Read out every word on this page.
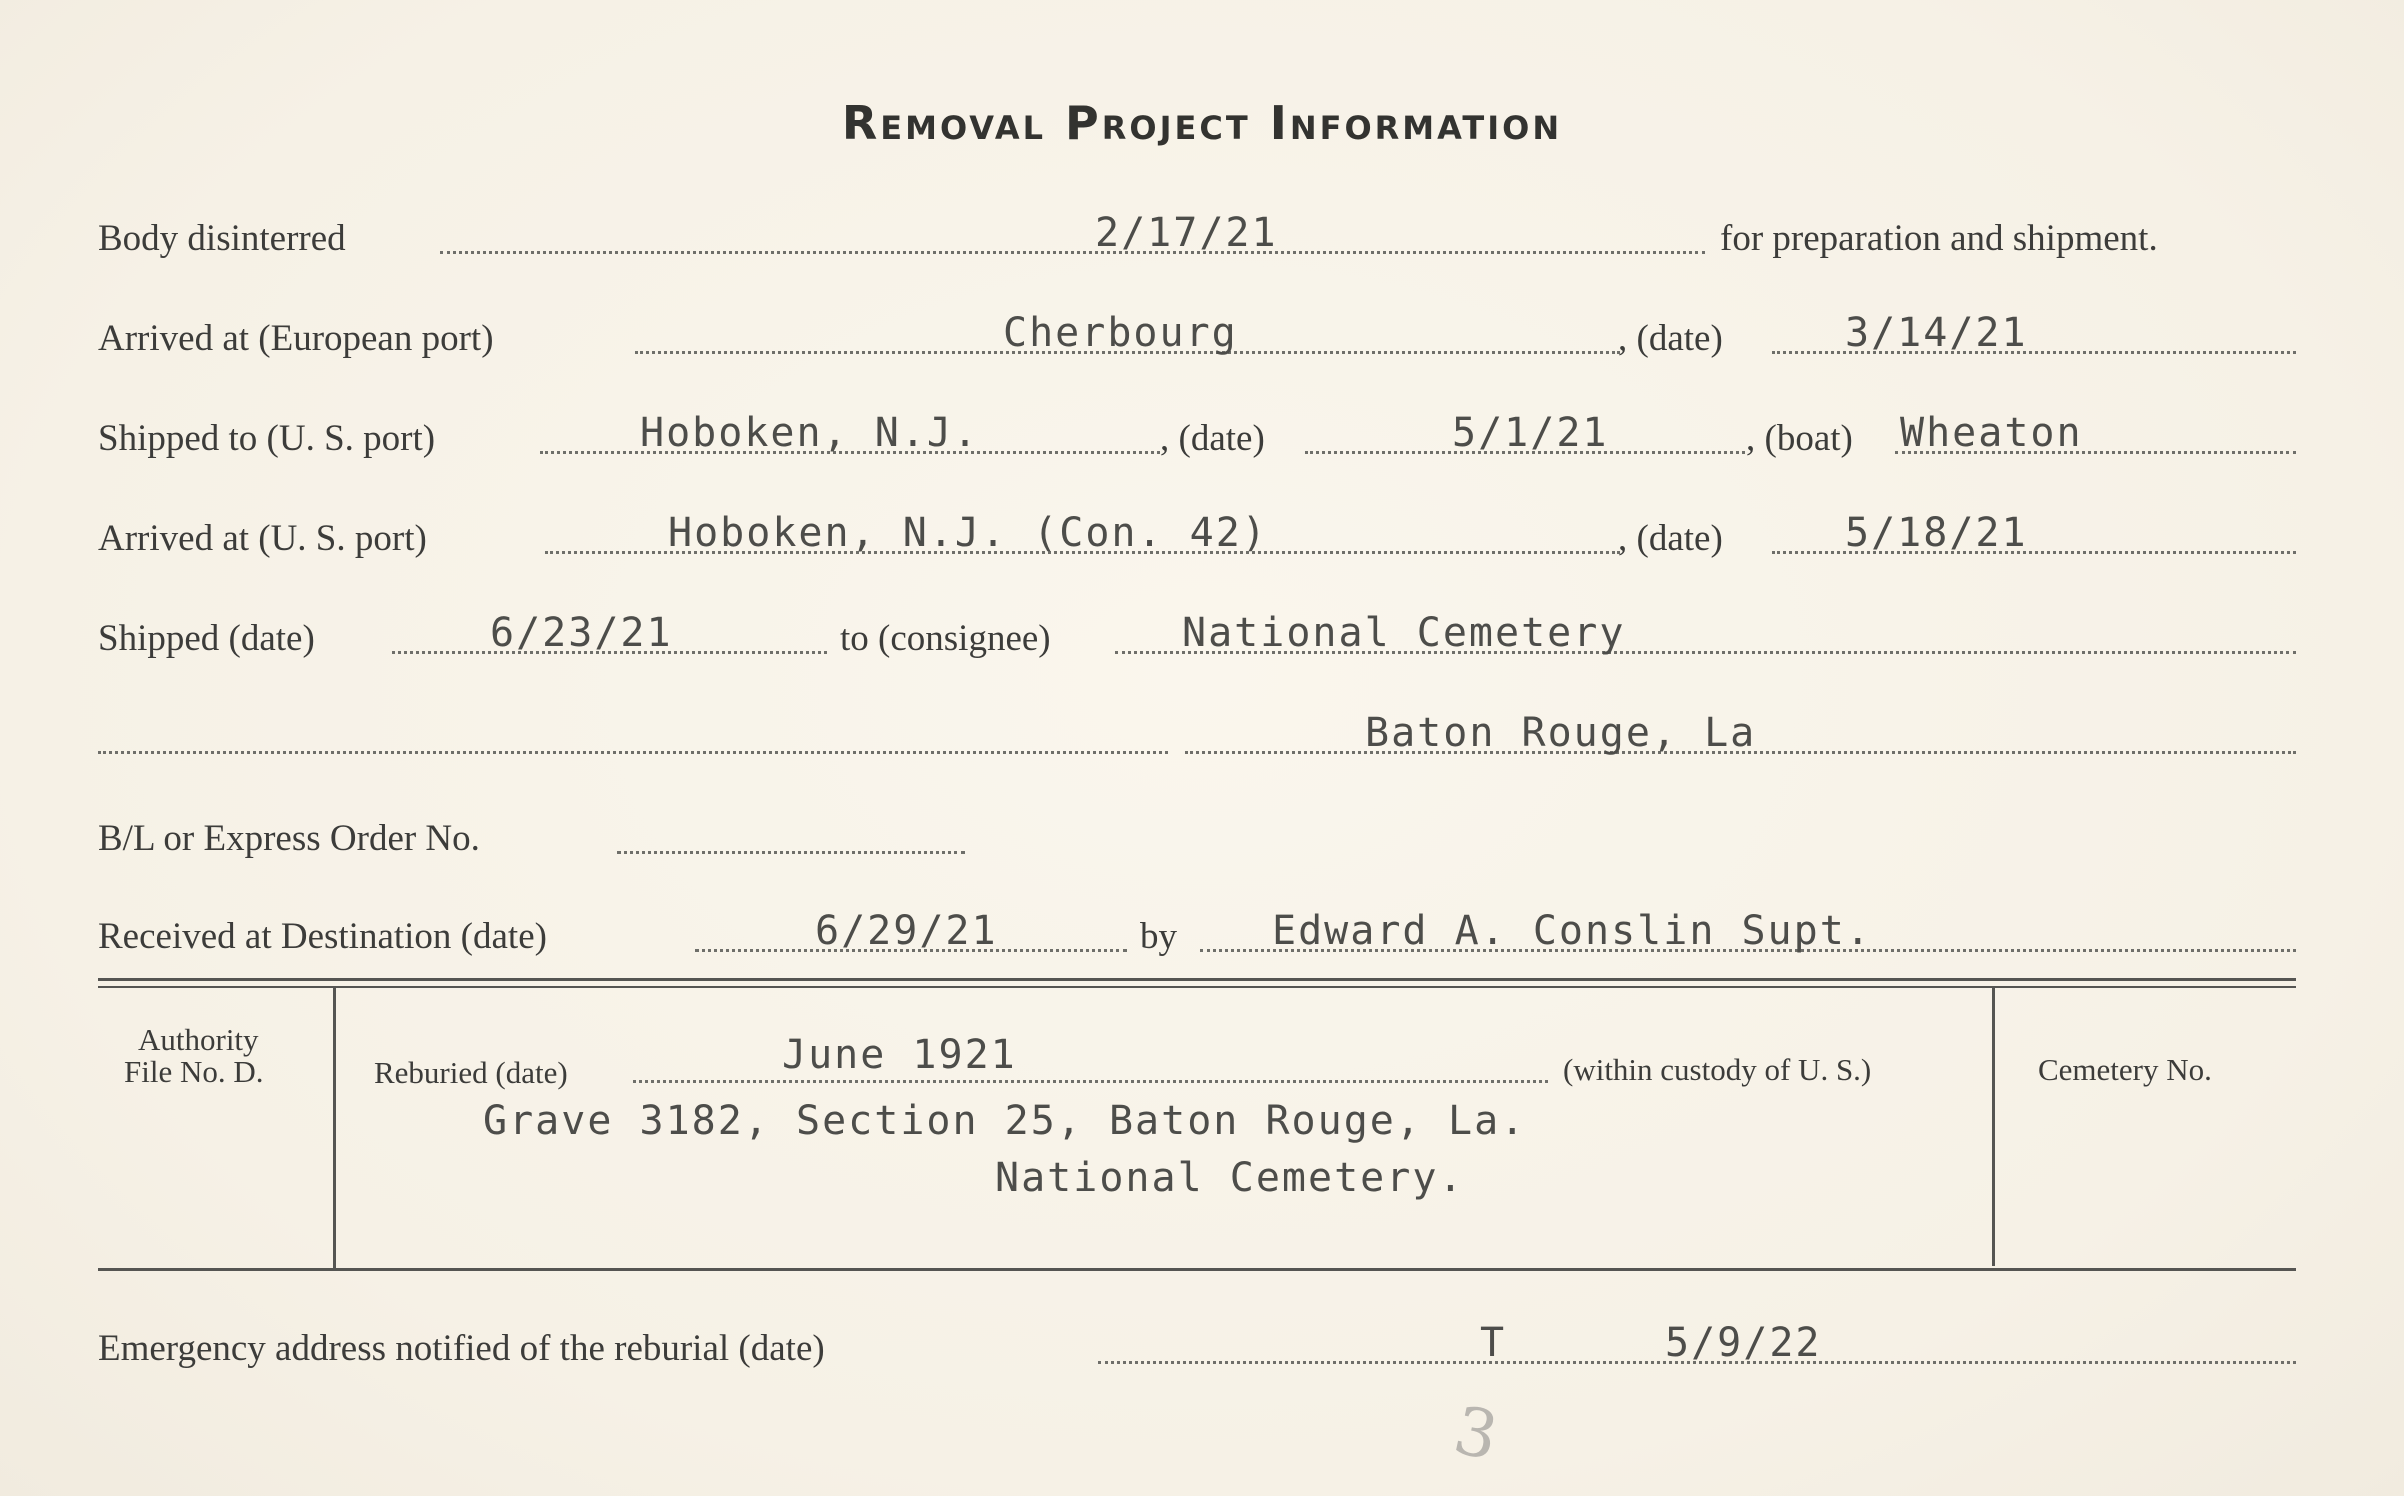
Removal Project Information
Body disinterred	2/17/21	for preparation and shipment.
Arrived at (European port)	Cherbourg	, (date)	3/14/21
Shipped to (U. S. port)	Hoboken, N.J.	, (date)	5/1/21	, (boat) Wheaton
Arrived at (U. S. port)	Hoboken, N.J. (Con. 42)	, (date)	5/18/21
Shipped (date)	6/23/21	to (consignee)	National Cemetery
Baton Rouge, La
B/L or Express Order No.
Received at Destination (date)	6/29/21	by Edward A. Conslin Supt.
Authority
File No. D.	Reburied (date)	June 1921	(within custody of U. S.)	Cemetery No.
Grave 3182, Section 25, Baton Rouge, La.
National Cemetery.
Emergency address notified of the reburial (date)	T	5/9/22
3
